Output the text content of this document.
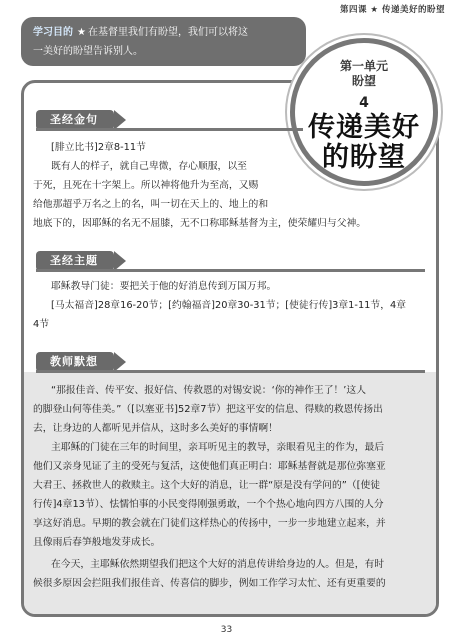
第四课 ★ 传递美好的盼望
学习目的 ★ 在基督里我们有盼望，我们可以将这
一美好的盼望告诉别人。
第一单元
盼望
4
传递美好
的盼望
圣经金句
[腓立比书]2章8-11节
既有人的样子，就自己卑微，存心顺服，以至
于死，且死在十字架上。所以神将他升为至高，又赐
给他那超乎万名之上的名，叫一切在天上的、地上的和
地底下的，因耶稣的名无不屈膝，无不口称耶稣基督为主，使荣耀归与父神。
圣经主题
耶稣教导门徒：要把关于他的好消息传到万国万邦。
[马太福音]28章16-20节；[约翰福音]20章30-31节；[使徒行传]3章1-11节，4章
4节
教师默想
“那报佳音、传平安、报好信、传救恩的对锡安说：‘你的神作王了！’这人
的脚登山何等佳美。”（[以塞亚书]52章7节）把这平安的信息、得赎的救恩传扬出
去，让身边的人都听见并信从，这时多么美好的事情啊！
主耶稣的门徒在三年的时间里，亲耳听见主的教导，亲眼看见主的作为，最后
他们又亲身见证了主的受死与复活，这使他们真正明白：耶稣基督就是那位弥塞亚
大君王、拯救世人的救赎主。这个大好的消息，让一群“原是没有学问的”（[使徒
行传]4章13节）、怯懦怕事的小民变得刚强勇敢，一个个热心地向四方八围的人分
享这好消息。早期的教会就在门徒们这样热心的传扬中，一步一步地建立起来，并
且像雨后春笋般地发芽成长。
在今天，主耶稣依然期望我们把这个大好的消息传讲给身边的人。但是，有时
候很多原因会拦阻我们报佳音、传喜信的脚步，例如工作学习太忙、还有更重要的
33
